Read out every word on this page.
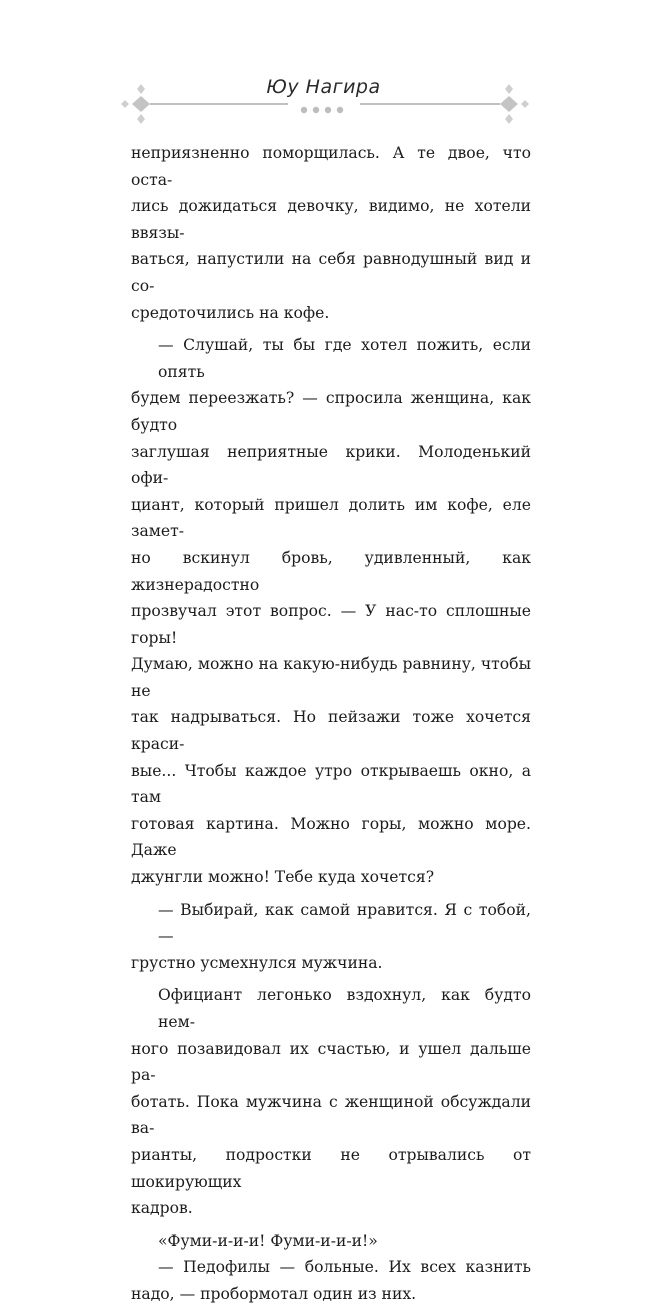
Юу Нагира
неприязненно поморщилась. А те двое, что оста-
лись дожидаться девочку, видимо, не хотели ввязы-
ваться, напустили на себя равнодушный вид и со-
средоточились на кофе.
— Слушай, ты бы где хотел пожить, если опять
будем переезжать? — спросила женщина, как будто
заглушая неприятные крики. Молоденький офи-
циант, который пришел долить им кофе, еле замет-
но вскинул бровь, удивленный, как жизнерадостно
прозвучал этот вопрос. — У нас-то сплошные горы!
Думаю, можно на какую-нибудь равнину, чтобы не
так надрываться. Но пейзажи тоже хочется краси-
вые... Чтобы каждое утро открываешь окно, а там
готовая картина. Можно горы, можно море. Даже
джунгли можно! Тебе куда хочется?
— Выбирай, как самой нравится. Я с тобой, —
грустно усмехнулся мужчина.
Официант легонько вздохнул, как будто нем-
ного позавидовал их счастью, и ушел дальше ра-
ботать. Пока мужчина с женщиной обсуждали ва-
рианты, подростки не отрывались от шокирующих
кадров.
«Фуми-и-и-и! Фуми-и-и-и!»
— Педофилы — больные. Их всех казнить
надо, — пробормотал один из них.
